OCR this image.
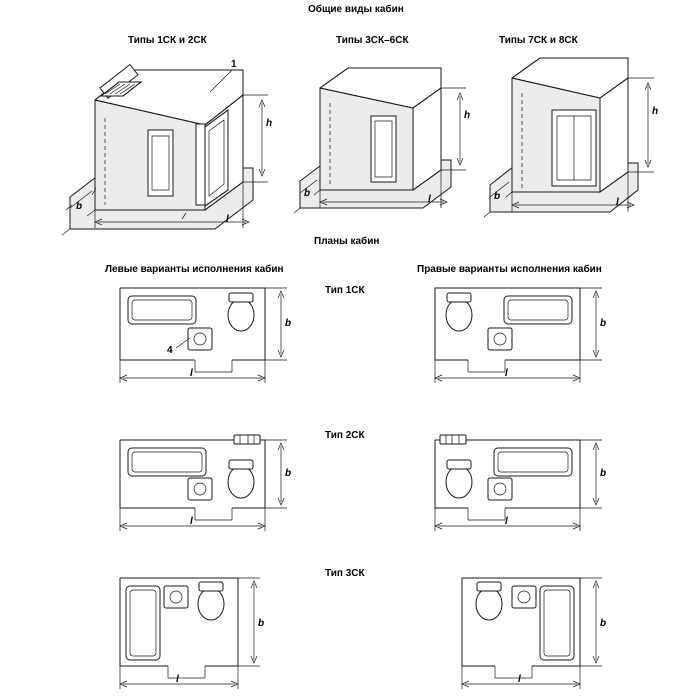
Общие виды кабин
Планы кабин
Типы 1СК и 2СК	Типы 3СК–6СК	Типы 7СК и 8СК
Левые варианты исполнения кабин	Правые варианты исполнения кабин
Тип 1СК
Тип 2СК
Тип 3СК
1
4
h
b
l
h
b
l
h
b
l
b
l
b
l
b
l
b
l
b
l
b
l
